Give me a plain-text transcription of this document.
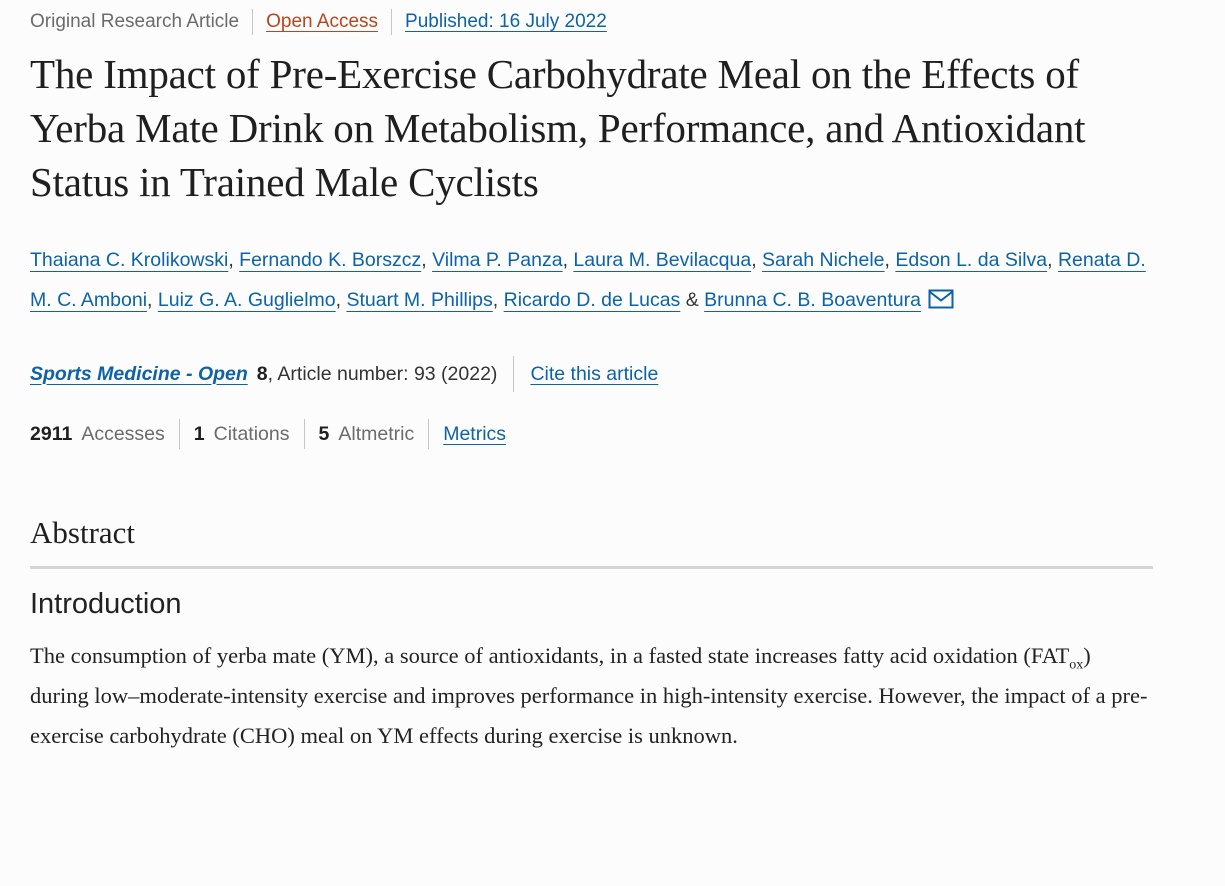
Original Research Article Open Access Published: 16 July 2022
The Impact of Pre-Exercise Carbohydrate Meal on the Effects of Yerba Mate Drink on Metabolism, Performance, and Antioxidant Status in Trained Male Cyclists
Thaiana C. Krolikowski, Fernando K. Borszcz, Vilma P. Panza, Laura M. Bevilacqua, Sarah Nichele, Edson L. da Silva, Renata D. M. C. Amboni, Luiz G. A. Guglielmo, Stuart M. Phillips, Ricardo D. de Lucas & Brunna C. B. Boaventura
Sports Medicine - Open 8 , Article number: 93 (2022) Cite this article
2911 Accesses 1 Citations 5 Altmetric Metrics
Abstract
Introduction

The consumption of yerba mate (YM), a source of antioxidants, in a fasted state increases fatty acid oxidation $(FAT_{ox})$ during low–moderate-intensity exercise and improves performance in high-intensity exercise. However, the impact of a pre-exercise carbohydrate (CHO) meal on YM effects during exercise is unknown.
